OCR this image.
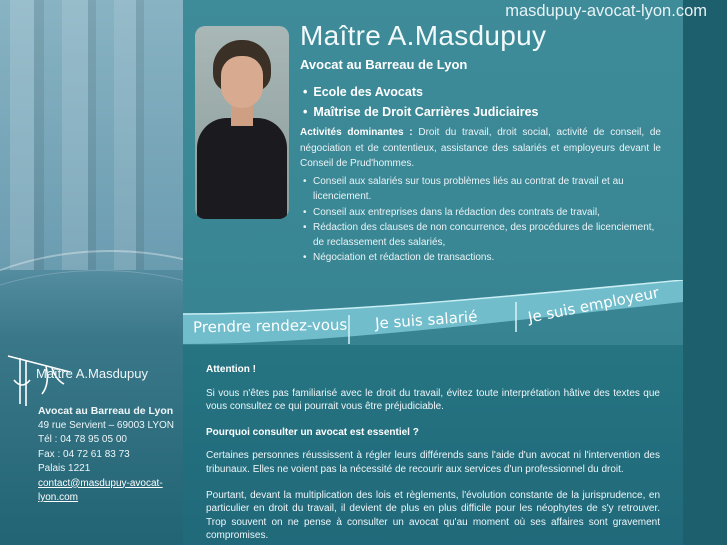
Maître A.Masdupuy
Avocat au Barreau de Lyon
49 rue Servient – 69003 LYON
Tél : 04 78 95 05 00
Fax : 04 72 61 83 73
Palais 1221
contact@masdupuy-avocat-lyon.com
Maître A.Masdupuy
Avocat au Barreau de Lyon
• Ecole des Avocats
• Maîtrise de Droit Carrières Judiciaires
Activités dominantes : Droit du travail, droit social, activité de conseil, de négociation et de contentieux, assistance des salariés et employeurs devant le Conseil de Prud'hommes.
• Conseil aux salariés sur tous problèmes liés au contrat de travail et au licenciement.
• Conseil aux entreprises dans la rédaction des contrats de travail,
• Rédaction des clauses de non concurrence, des procédures de licenciement, de reclassement des salariés,
• Négociation et rédaction de transactions.
masdupuy-avocat-lyon.com
Prendre rendez-vous Je suis salarié	Je suis employeur

Attention !

Si vous n'êtes pas familiarisé avec le droit du travail, évitez toute interprétation hâtive des textes que vous consultez ce qui pourrait vous être préjudiciable.

Pourquoi consulter un avocat est essentiel ?

Certaines personnes réussissent à régler leurs différends sans l'aide d'un avocat ni l'intervention des tribunaux. Elles ne voient pas la nécessité de recourir aux services d'un professionnel du droit.

Pourtant, devant la multiplication des lois et règlements, l'évolution constante de la jurisprudence, en particulier en droit du travail, il devient de plus en plus difficile pour les néophytes de s'y retrouver. Trop souvent on ne pense à consulter un avocat qu'au moment où ses affaires sont gravement compromises.
